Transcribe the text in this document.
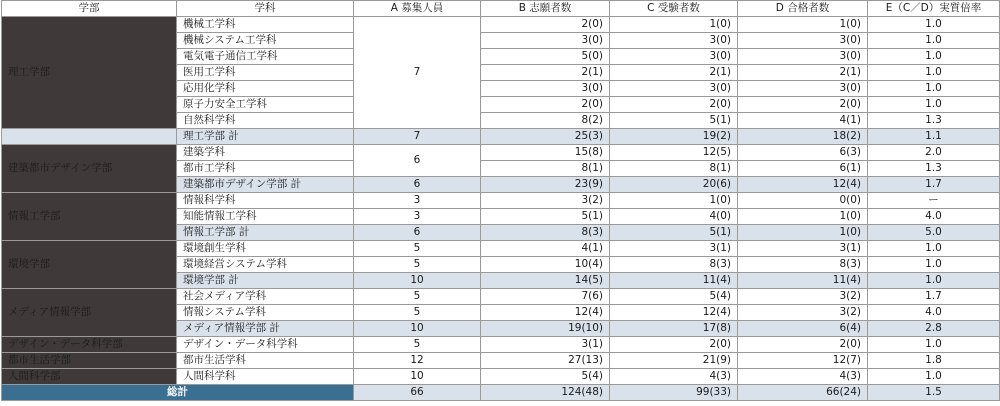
学部	学科	A 募集人員	B 志願者数	C 受験者数	D 合格者数	E（C／D）実質倍率
理工学部	機械工学科	7	2(0)	1(0)	1(0)	1.0
	機械システム工学科		3(0)	3(0)	3(0)	1.0
	電気電子通信工学科		5(0)	3(0)	3(0)	1.0
	医用工学科		2(1)	2(1)	2(1)	1.0
	応用化学科		3(0)	3(0)	3(0)	1.0
	原子力安全工学科		2(0)	2(0)	2(0)	1.0
	自然科学科		8(2)	5(1)	4(1)	1.3
	理工学部 計	7	25(3)	19(2)	18(2)	1.1
建築都市デザイン学部	建築学科	6	15(8)	12(5)	6(3)	2.0
	都市工学科		8(1)	8(1)	6(1)	1.3
	建築都市デザイン学部 計	6	23(9)	20(6)	12(4)	1.7
情報工学部	情報科学科	3	3(2)	1(0)	0(0)	ー
	知能情報工学科	3	5(1)	4(0)	1(0)	4.0
	情報工学部 計	6	8(3)	5(1)	1(0)	5.0
環境学部	環境創生学科	5	4(1)	3(1)	3(1)	1.0
	環境経営システム学科	5	10(4)	8(3)	8(3)	1.0
	環境学部 計	10	14(5)	11(4)	11(4)	1.0
メディア情報学部	社会メディア学科	5	7(6)	5(4)	3(2)	1.7
	情報システム学科	5	12(4)	12(4)	3(2)	4.0
	メディア情報学部 計	10	19(10)	17(8)	6(4)	2.8
デザイン・データ科学部	デザイン・データ科学科	5	3(1)	2(0)	2(0)	1.0
都市生活学部	都市生活学科	12	27(13)	21(9)	12(7)	1.8
人間科学部	人間科学科	10	5(4)	4(3)	4(3)	1.0
総計		66	124(48)	99(33)	66(24)	1.5
